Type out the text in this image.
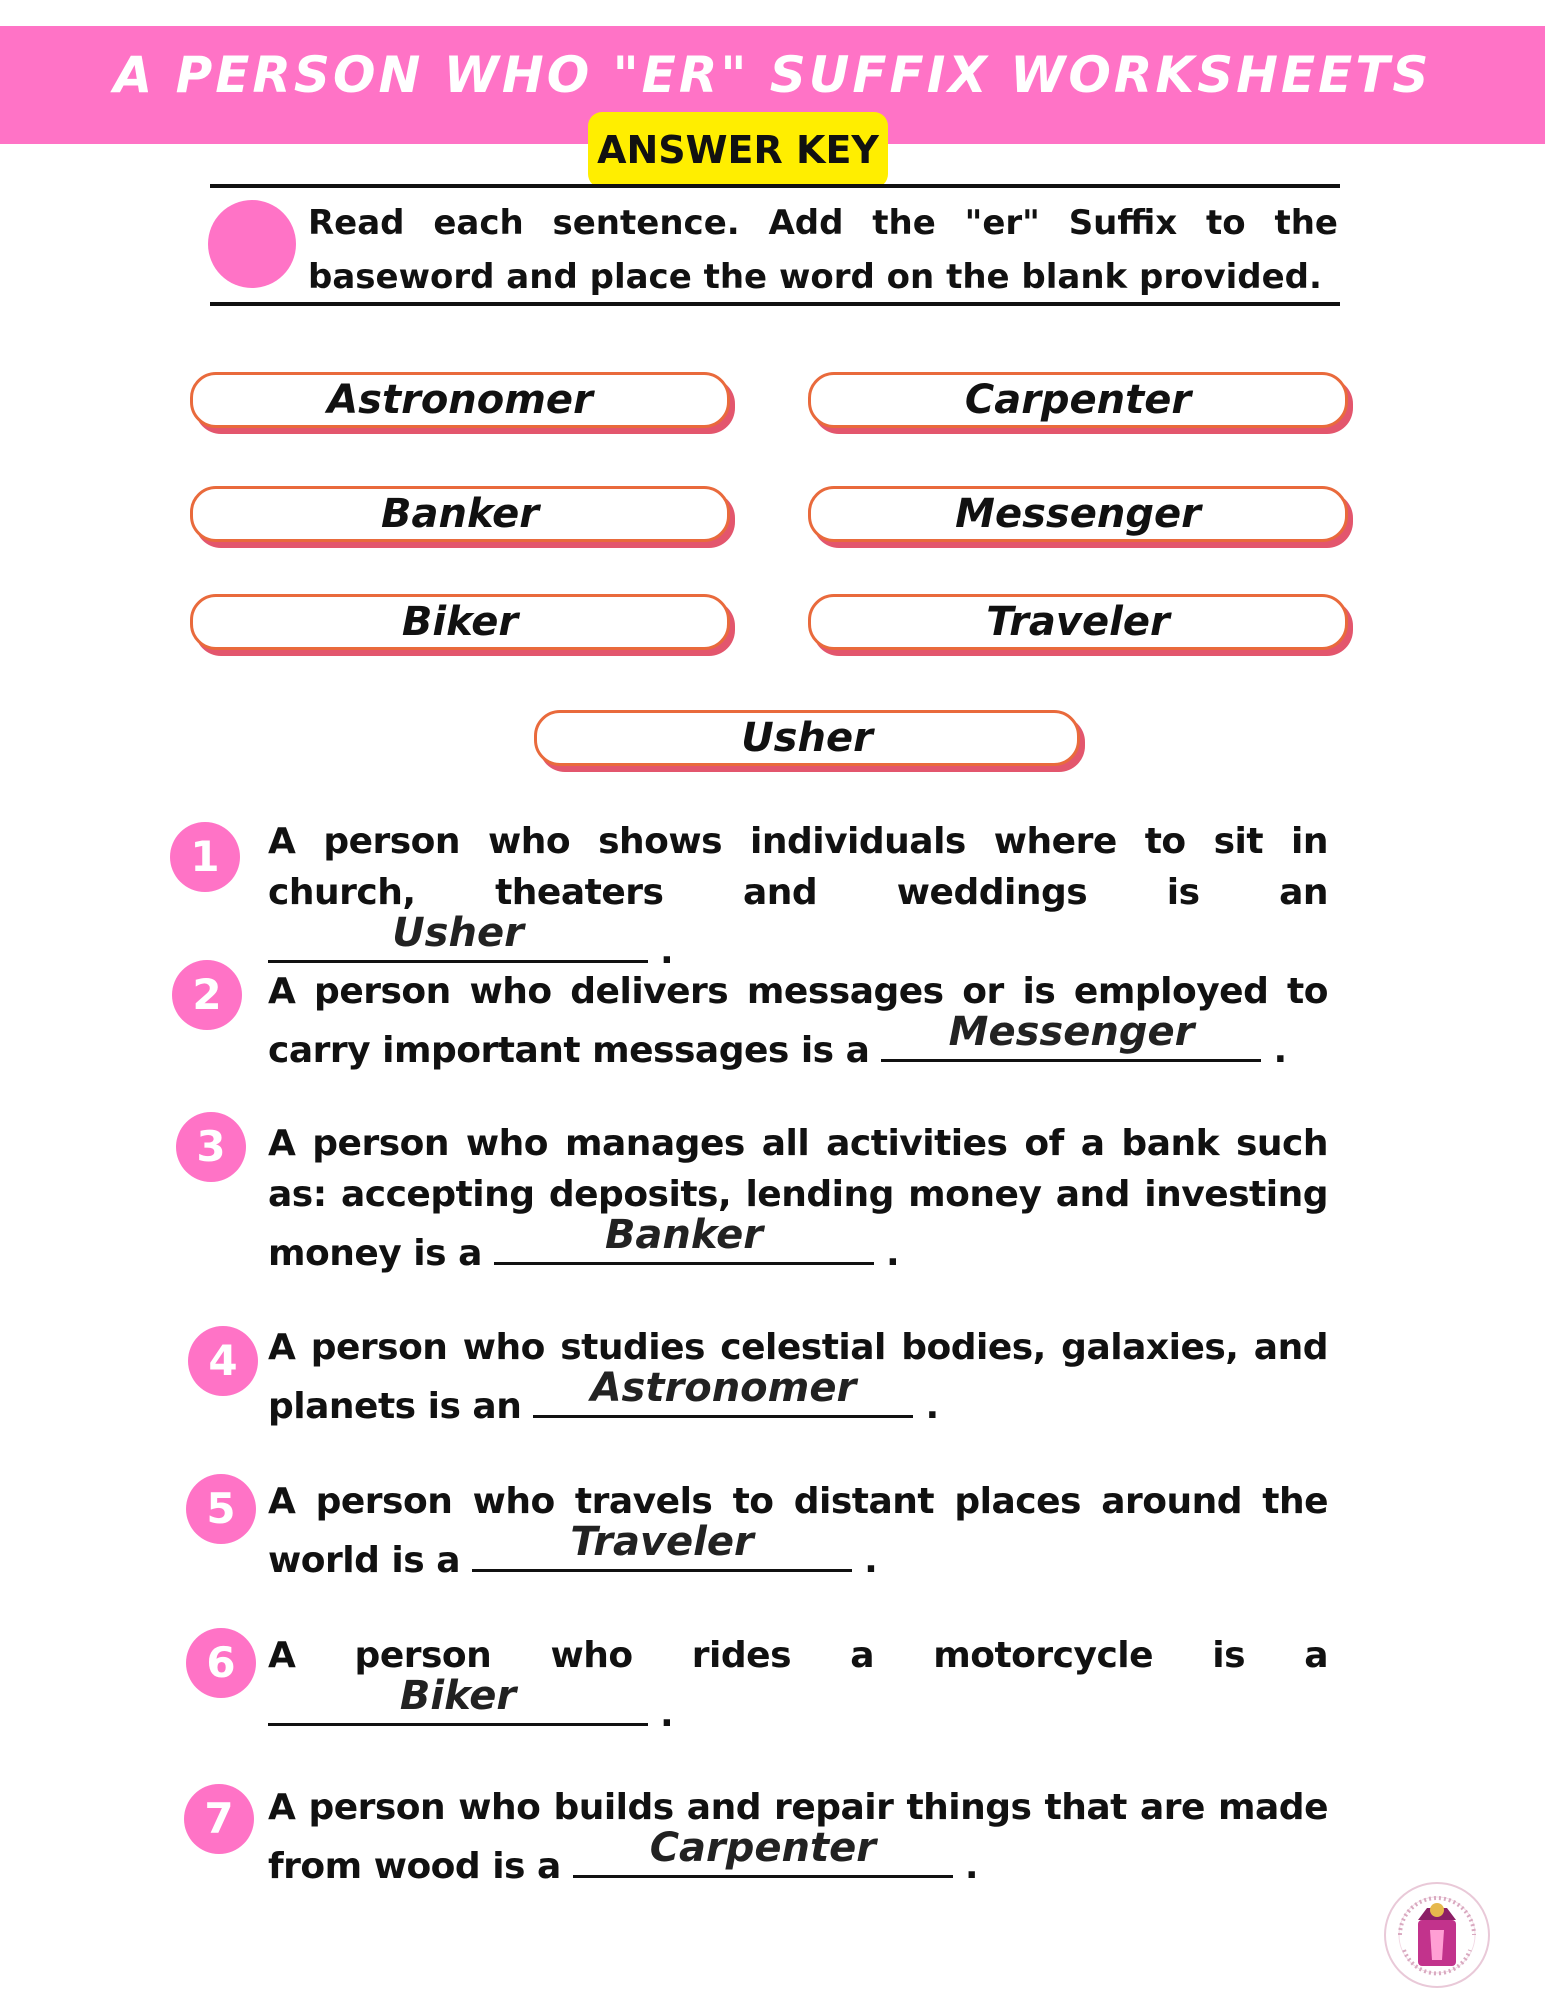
A PERSON WHO "ER" SUFFIX WORKSHEETS
ANSWER KEY
Read each sentence. Add the "er" Suffix to the baseword and place the word on the blank provided.
Astronomer	Carpenter
Banker	Messenger
Biker	Traveler
Usher
1	A person who shows individuals where to sit in church, theaters and weddings is an
Usher	.
2	A person who delivers messages or is employed to carry important messages is a	Messenger	.
3	A person who manages all activities of a bank such as: accepting deposits, lending money and investing money is a	Banker	.
4 A person who studies celestial bodies, galaxies, and planets is an	Astronomer	.
5 A person who travels to distant places around the world is a	Traveler	.
6 A person who rides a motorcycle is a
Biker	.
7 A person who builds and repair things that are made from wood is a	Carpenter	.
